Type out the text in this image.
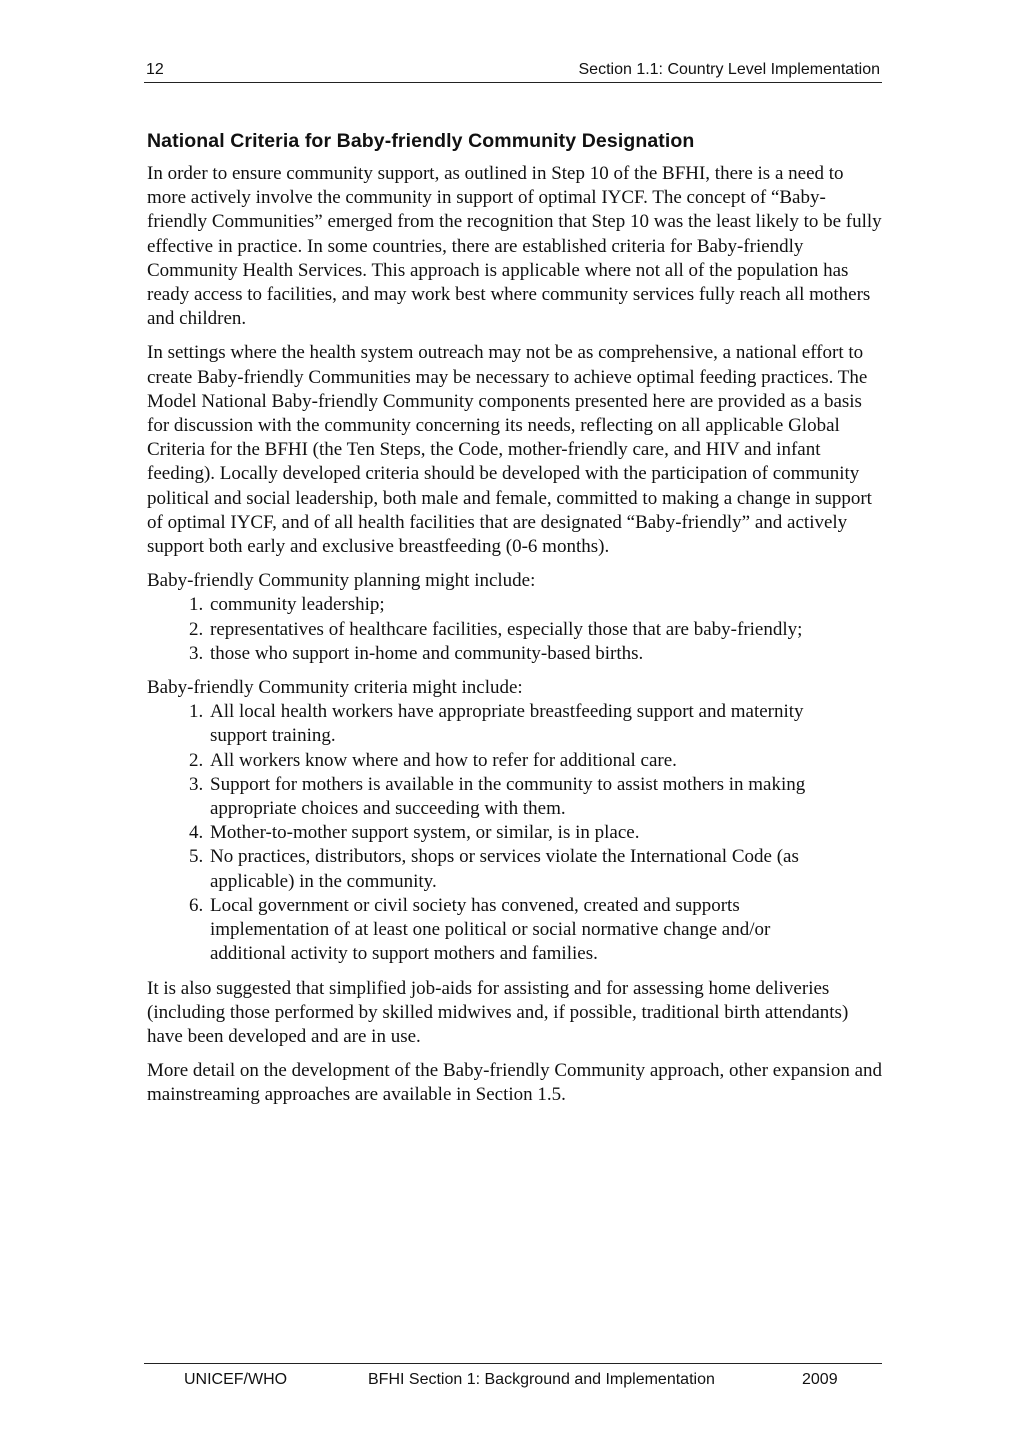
12	Section 1.1: Country Level Implementation
National Criteria for Baby-friendly Community Designation

In order to ensure community support, as outlined in Step 10 of the BFHI, there is a need to more actively involve the community in support of optimal IYCF. The concept of “Baby-friendly Communities” emerged from the recognition that Step 10 was the least likely to be fully effective in practice. In some countries, there are established criteria for Baby-friendly Community Health Services. This approach is applicable where not all of the population has ready access to facilities, and may work best where community services fully reach all mothers and children.

In settings where the health system outreach may not be as comprehensive, a national effort to create Baby-friendly Communities may be necessary to achieve optimal feeding practices. The Model National Baby-friendly Community components presented here are provided as a basis for discussion with the community concerning its needs, reflecting on all applicable Global Criteria for the BFHI (the Ten Steps, the Code, mother-friendly care, and HIV and infant feeding). Locally developed criteria should be developed with the participation of community political and social leadership, both male and female, committed to making a change in support of optimal IYCF, and of all health facilities that are designated “Baby-friendly” and actively support both early and exclusive breastfeeding (0-6 months).

Baby-friendly Community planning might include:

1. community leadership;
2. representatives of healthcare facilities, especially those that are baby-friendly;
3. those who support in-home and community-based births.

Baby-friendly Community criteria might include:

1. All local health workers have appropriate breastfeeding support and maternity support training.
2. All workers know where and how to refer for additional care.
3. Support for mothers is available in the community to assist mothers in making appropriate choices and succeeding with them.
4. Mother-to-mother support system, or similar, is in place.
5. No practices, distributors, shops or services violate the International Code (as applicable) in the community.
6. Local government or civil society has convened, created and supports implementation of at least one political or social normative change and/or additional activity to support mothers and families.

It is also suggested that simplified job-aids for assisting and for assessing home deliveries (including those performed by skilled midwives and, if possible, traditional birth attendants) have been developed and are in use.

More detail on the development of the Baby-friendly Community approach, other expansion and mainstreaming approaches are available in Section 1.5.

UNICEF/WHO	BFHI Section 1: Background and Implementation	2009
